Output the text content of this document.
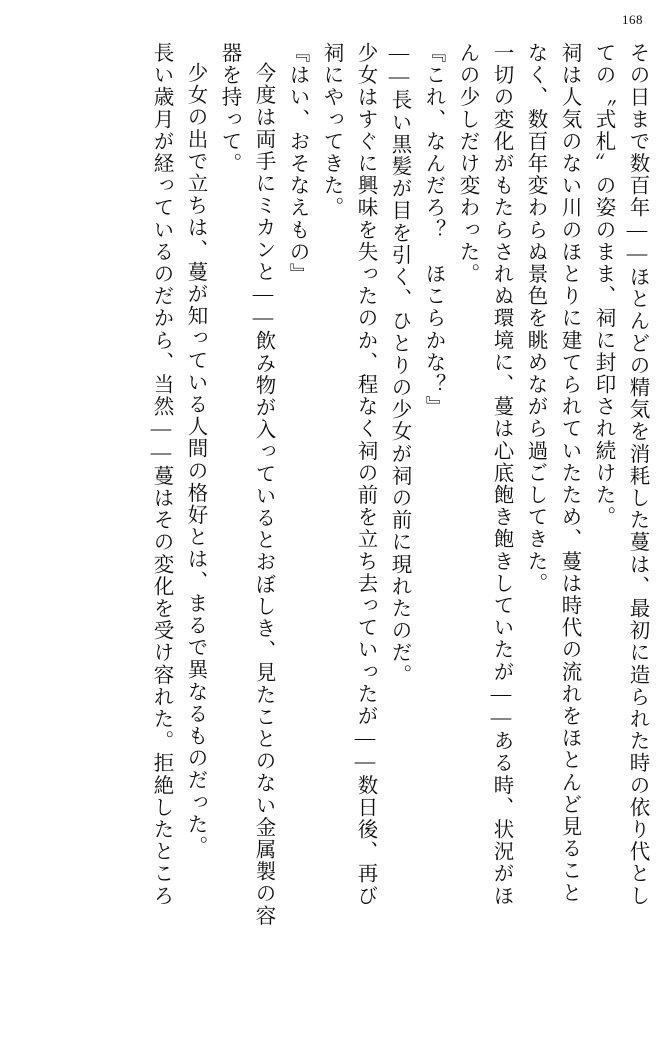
168
その日まで数百年——ほとんどの精気を消耗した蔓は、最初に造られた時の依り代とし
ての〝式札〟の姿のまま、祠に封印され続けた。
祠は人気のない川のほとりに建てられていたため、蔓は時代の流れをほとんど見ること
なく、数百年変わらぬ景色を眺めながら過ごしてきた。
一切の変化がもたらされぬ環境に、蔓は心底飽き飽きしていたが——ある時、状況がほ
んの少しだけ変わった。
『これ、なんだろ？　ほこらかな？』
——長い黒髪が目を引く、ひとりの少女が祠の前に現れたのだ。
少女はすぐに興味を失ったのか、程なく祠の前を立ち去っていったが——数日後、再び
祠にやってきた。
『はい、おそなえもの』
今度は両手にミカンと——飲み物が入っているとおぼしき、見たことのない金属製の容
器を持って。
少女の出で立ちは、蔓が知っている人間の格好とは、まるで異なるものだった。
長い歳月が経っているのだから、当然——蔓はその変化を受け容れた。拒絶したところ
